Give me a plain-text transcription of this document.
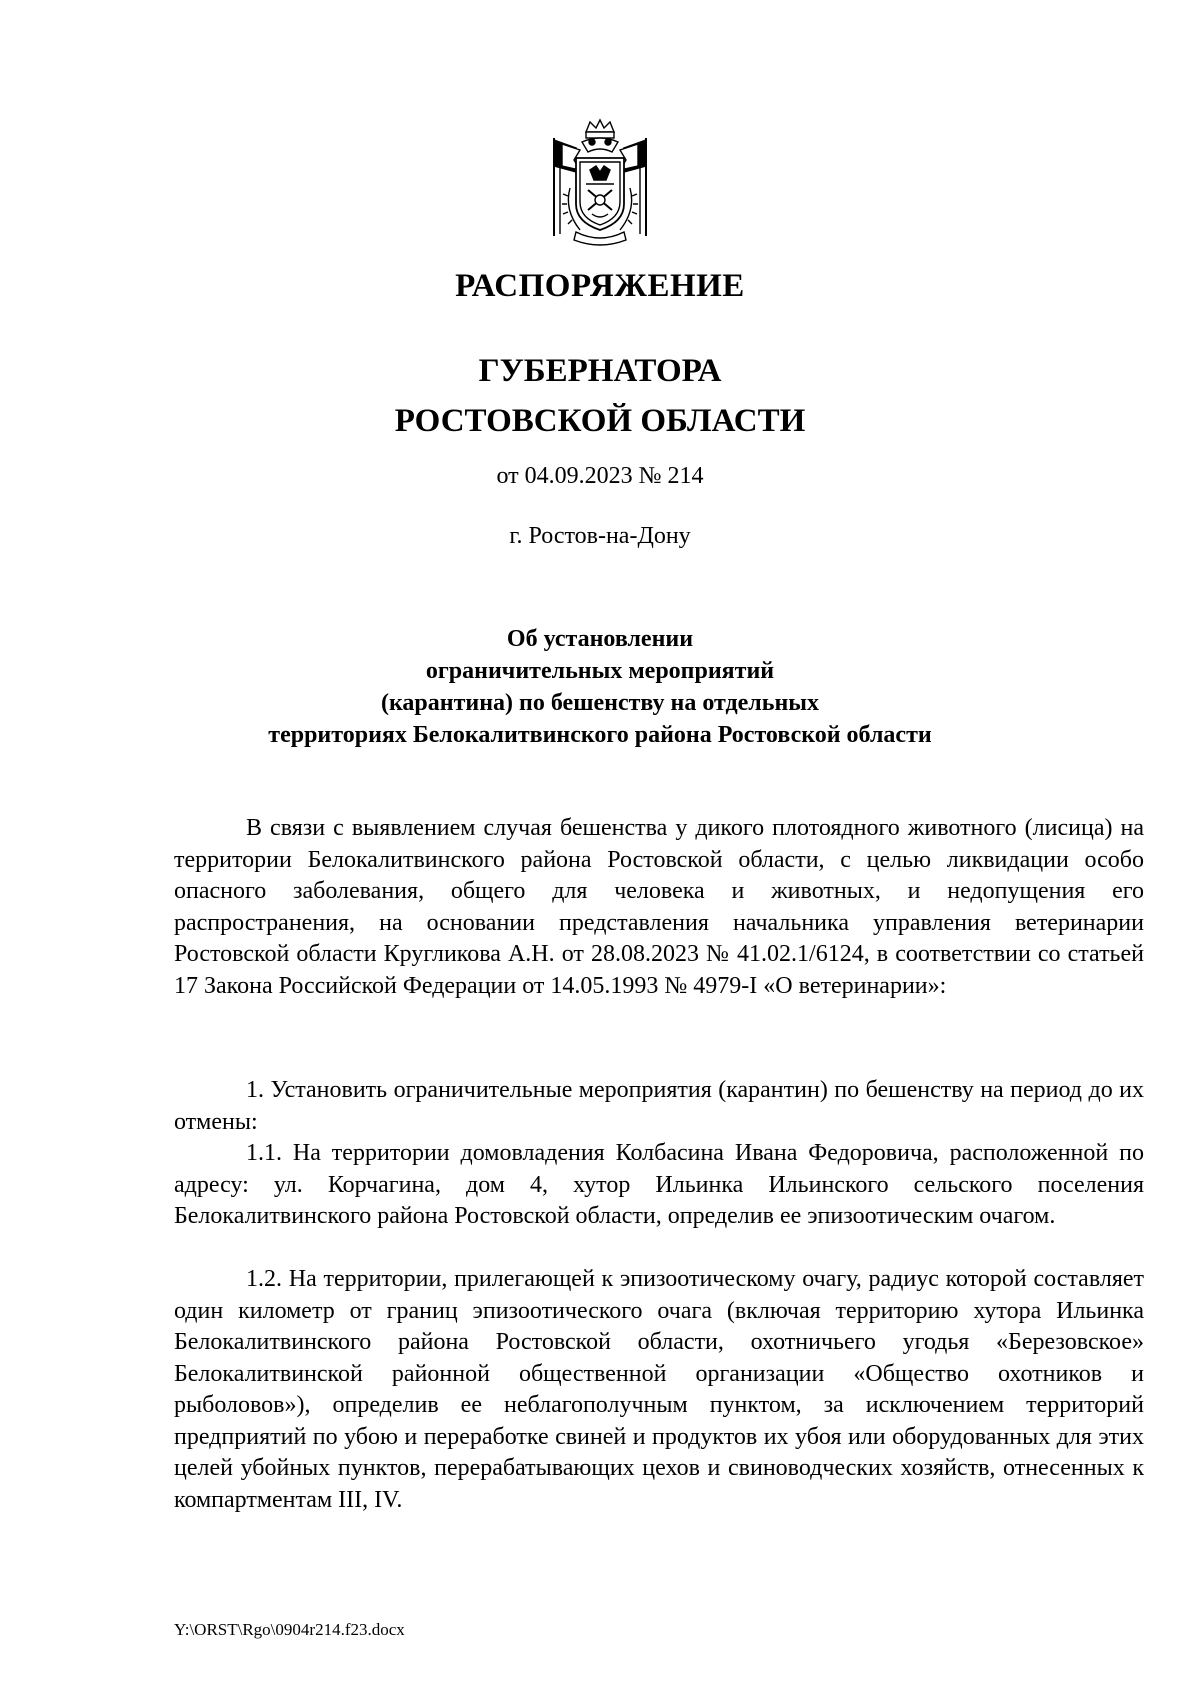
РАСПОРЯЖЕНИЕ
ГУБЕРНАТОРА
РОСТОВСКОЙ ОБЛАСТИ
от 04.09.2023 № 214
г. Ростов-на-Дону
Об установлении
ограничительных мероприятий
(карантина) по бешенству на отдельных
территориях Белокалитвинского района Ростовской области

В связи с выявлением случая бешенства у дикого плотоядного животного (лисица) на территории Белокалитвинского района Ростовской области, с целью ликвидации особо опасного заболевания, общего для человека и животных, и недопущения его распространения, на основании представления начальника управления ветеринарии Ростовской области Кругликова А.Н. от 28.08.2023 № 41.02.1/6124, в соответствии со статьей 17 Закона Российской Федерации от 14.05.1993 № 4979-I «О ветеринарии»:

1. Установить ограничительные мероприятия (карантин) по бешенству на период до их отмены:

1.1. На территории домовладения Колбасина Ивана Федоровича, расположенной по адресу: ул. Корчагина, дом 4, хутор Ильинка Ильинского сельского поселения Белокалитвинского района Ростовской области, определив ее эпизоотическим очагом.

1.2. На территории, прилегающей к эпизоотическому очагу, радиус которой составляет один километр от границ эпизоотического очага (включая территорию хутора Ильинка Белокалитвинского района Ростовской области, охотничьего угодья «Березовское» Белокалитвинской районной общественной организации «Общество охотников и рыболовов»), определив ее неблагополучным пунктом, за исключением территорий предприятий по убою и переработке свиней и продуктов их убоя или оборудованных для этих целей убойных пунктов, перерабатывающих цехов и свиноводческих хозяйств, отнесенных к компартментам III, IV.

Y:\ORST\Rgo\0904r214.f23.docx
